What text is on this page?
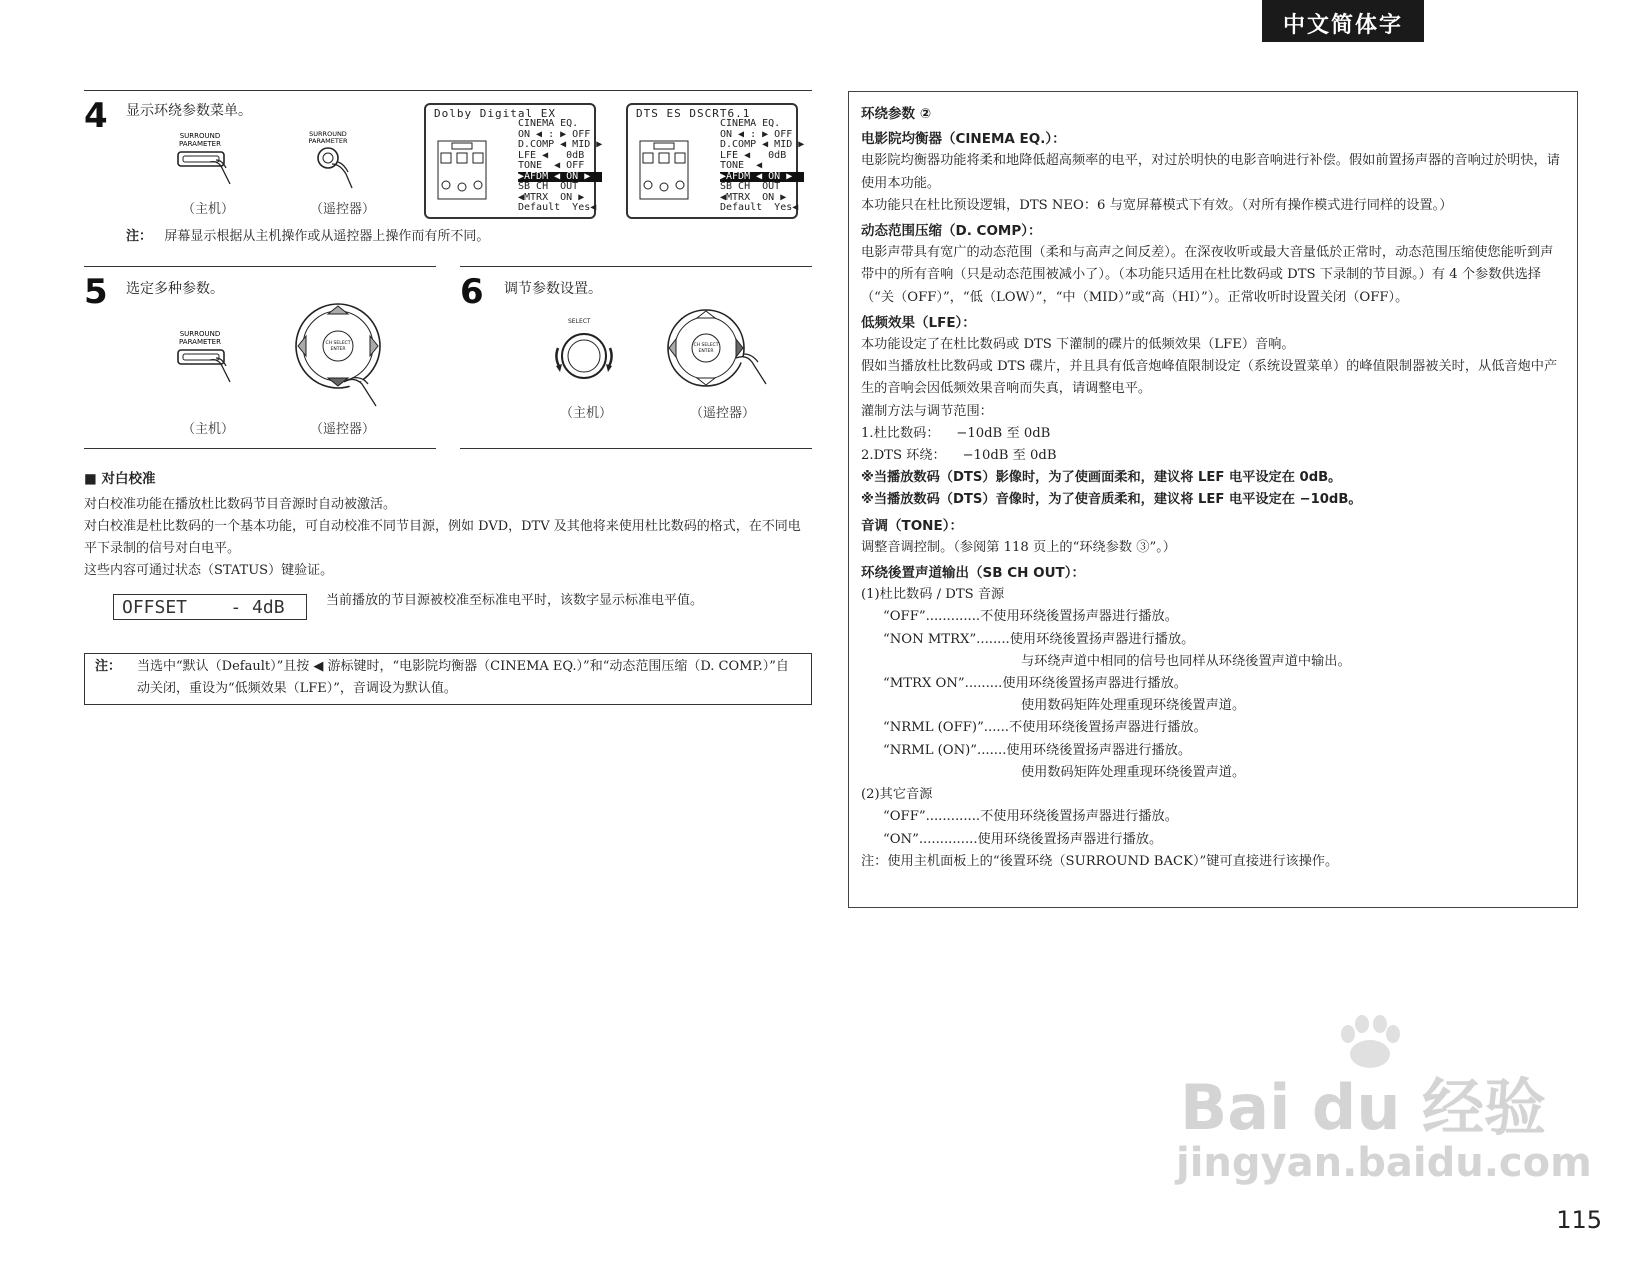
中文简体字
4 显示环绕参数菜单。
SURROUND
PARAMETER
（主机）
SURROUND
PARAMETER
（遥控器）
Dolby Digital EX
CINEMA EQ.
ON ◀ : ▶ OFF
D.COMP ◀ MID ▶
LFE ◀   0dB
TONE  ◀ OFF
▶AFDM ◀ ON ▶
SB CH  OUT
◀MTRX  ON ▶
Default  Yes◀
DTS ES DSCRT6.1
CINEMA EQ.
ON ◀ : ▶ OFF
D.COMP ◀ MID ▶
LFE ◀   0dB
TONE  ◀
▶AFDM ◀ ON ▶
SB CH  OUT
◀MTRX  ON ▶
Default  Yes◀
注： 屏幕显示根据从主机操作或从遥控器上操作而有所不同。
5 选定多种参数。
SURROUND
PARAMETER
（主机）
CH SELECT
ENTER
（遥控器）
6 调节参数设置。
SELECT
（主机）
CH SELECT
ENTER
（遥控器）
■ 对白校准
对白校准功能在播放杜比数码节目音源时自动被激活。
对白校准是杜比数码的一个基本功能，可自动校准不同节目源，例如 DVD，DTV 及其他将来使用杜比数码的格式，在不同电平下录制的信号对白电平。
这些内容可通过状态（STATUS）键验证。
OFFSET    - 4dB	当前播放的节目源被校准至标准电平时，该数字显示标准电平值。
注： 当选中“默认（Default）”且按 ◀ 游标键时，“电影院均衡器（CINEMA EQ.）”和“动态范围压缩（D. COMP.）”自动关闭，重设为“低频效果（LFE）”，音调设为默认值。

环绕参数 ②

电影院均衡器（CINEMA EQ.）：

电影院均衡器功能将柔和地降低超高频率的电平，对过於明快的电影音响进行补偿。假如前置扬声器的音响过於明快，请使用本功能。

本功能只在杜比预设逻辑，DTS NEO：6 与宽屏幕模式下有效。（对所有操作模式进行同样的设置。）

动态范围压缩（D. COMP）：

电影声带具有宽广的动态范围（柔和与高声之间反差）。在深夜收听或最大音量低於正常时，动态范围压缩使您能听到声带中的所有音响（只是动态范围被减小了）。（本功能只适用在杜比数码或 DTS 下录制的节目源。）有 4 个参数供选择（“关（OFF）”，“低（LOW）”，“中（MID）”或“高（HI）”）。正常收听时设置关闭（OFF）。

低频效果（LFE）：

本功能设定了在杜比数码或 DTS 下灌制的碟片的低频效果（LFE）音响。

假如当播放杜比数码或 DTS 碟片，并且具有低音炮峰值限制设定（系统设置菜单）的峰值限制器被关时，从低音炮中产生的音响会因低频效果音响而失真，请调整电平。

灌制方法与调节范围：

1.杜比数码：    −10dB 至 0dB

2.DTS 环绕：    −10dB 至 0dB

※当播放数码（DTS）影像时，为了使画面柔和，建议将 LEF 电平设定在 0dB。

※当播放数码（DTS）音像时，为了使音质柔和，建议将 LEF 电平设定在 −10dB。

音调（TONE）：

调整音调控制。（参阅第 118 页上的“环绕参数 ③”。）

环绕後置声道输出（SB CH OUT）：

(1)杜比数码 / DTS 音源

“OFF”.............不使用环绕後置扬声器进行播放。

“NON MTRX”........使用环绕後置扬声器进行播放。

与环绕声道中相同的信号也同样从环绕後置声道中输出。

“MTRX ON”.........使用环绕後置扬声器进行播放。

使用数码矩阵处理重现环绕後置声道。

“NRML (OFF)”......不使用环绕後置扬声器进行播放。

“NRML (ON)”.......使用环绕後置扬声器进行播放。

使用数码矩阵处理重现环绕後置声道。

(2)其它音源

“OFF”.............不使用环绕後置扬声器进行播放。

“ON”..............使用环绕後置扬声器进行播放。

注：使用主机面板上的“後置环绕（SURROUND BACK）”键可直接进行该操作。

Bai du 经验
jingyan.baidu.com
115
